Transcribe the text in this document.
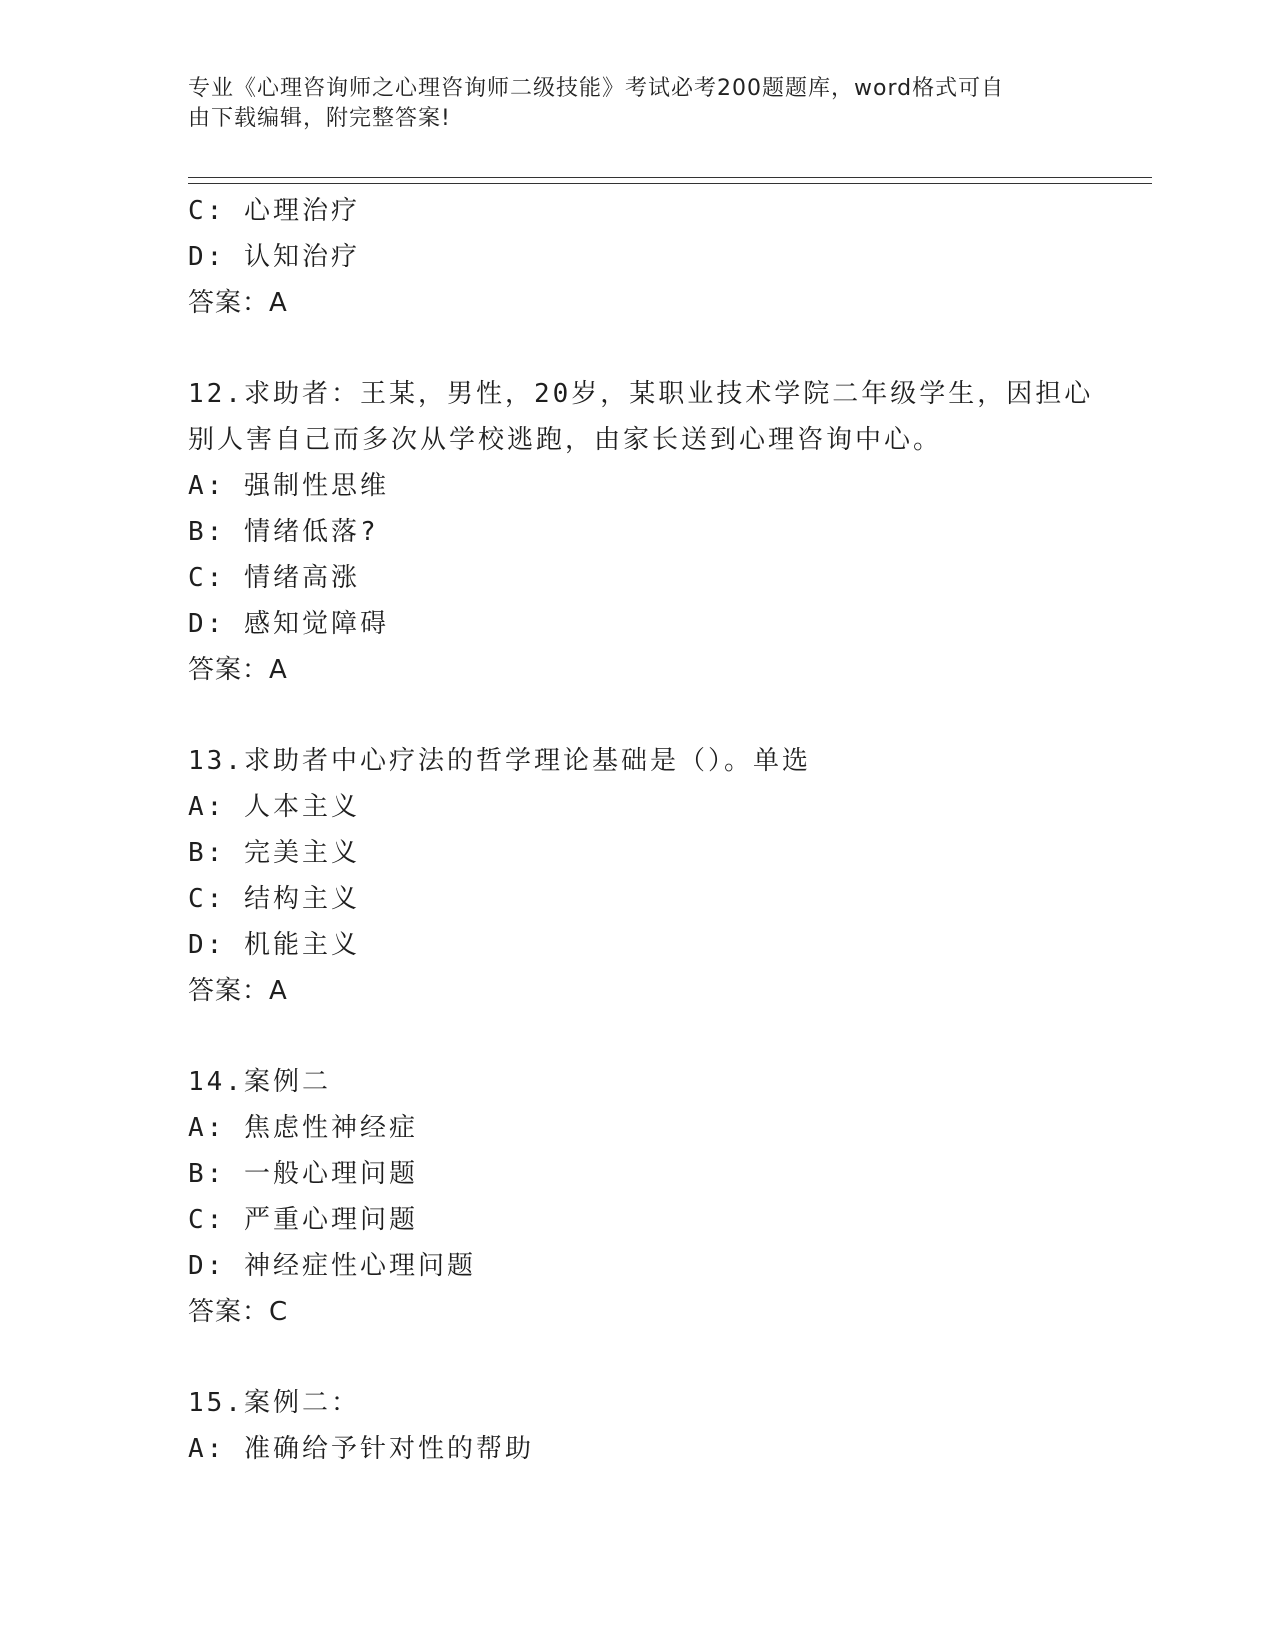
专业《心理咨询师之心理咨询师二级技能》考试必考200题题库，word格式可自

由下载编辑，附完整答案!

C: 心理治疗
D: 认知治疗
答案：A
12.求助者：王某，男性，20岁，某职业技术学院二年级学生，因担心
别人害自己而多次从学校逃跑，由家长送到心理咨询中心。
A: 强制性思维
B: 情绪低落?
C: 情绪高涨
D: 感知觉障碍
答案：A
13.求助者中心疗法的哲学理论基础是（）。单选
A: 人本主义
B: 完美主义
C: 结构主义
D: 机能主义
答案：A
14.案例二
A: 焦虑性神经症
B: 一般心理问题
C: 严重心理问题
D: 神经症性心理问题
答案：C
15.案例二：
A: 准确给予针对性的帮助
